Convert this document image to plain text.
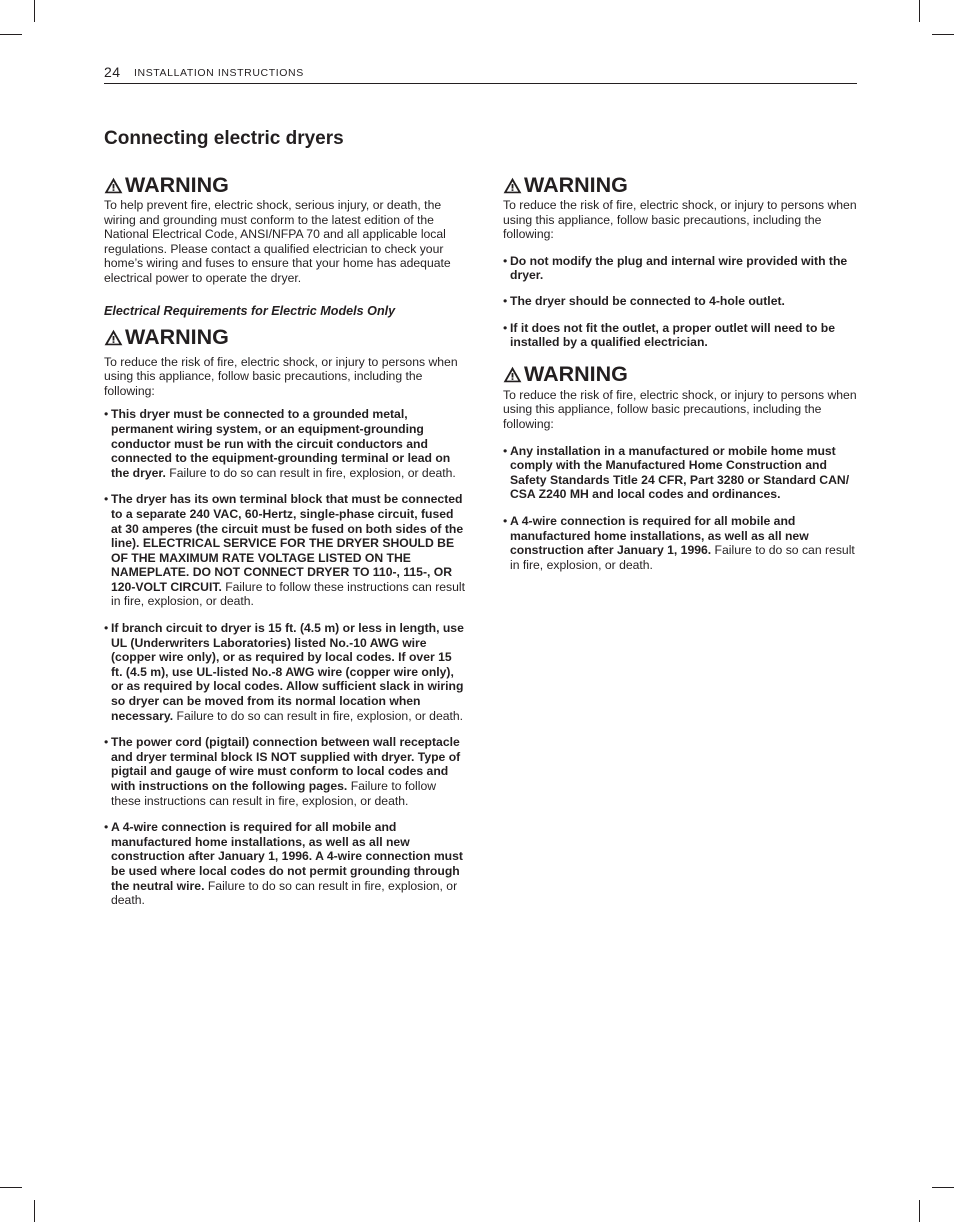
24 INSTALLATION INSTRUCTIONS
Connecting electric dryers
WARNING

To help prevent fire, electric shock, serious injury, or death, the wiring and grounding must conform to the latest edition of the National Electrical Code, ANSI/NFPA 70 and all applicable local regulations. Please contact a qualified electrician to check your home’s wiring and fuses to ensure that your home has adequate electrical power to operate the dryer.

Electrical Requirements for Electric Models Only

WARNING

To reduce the risk of fire, electric shock, or injury to persons when using this appliance, follow basic precautions, including the following:

• This dryer must be connected to a grounded metal, permanent wiring system, or an equipment-grounding conductor must be run with the circuit conductors and connected to the equipment-grounding terminal or lead on the dryer. Failure to do so can result in fire, explosion, or death.
• The dryer has its own terminal block that must be connected to a separate 240 VAC, 60-Hertz, single-phase circuit, fused at 30 amperes (the circuit must be fused on both sides of the line). ELECTRICAL SERVICE FOR THE DRYER SHOULD BE OF THE MAXIMUM RATE VOLTAGE LISTED ON THE NAMEPLATE. DO NOT CONNECT DRYER TO 110-, 115-, OR 120-VOLT CIRCUIT. Failure to follow these instructions can result in fire, explosion, or death.
• If branch circuit to dryer is 15 ft. (4.5 m) or less in length, use UL (Underwriters Laboratories) listed No.-10 AWG wire (copper wire only), or as required by local codes. If over 15 ft. (4.5 m), use UL-listed No.-8 AWG wire (copper wire only), or as required by local codes. Allow sufficient slack in wiring so dryer can be moved from its normal location when necessary. Failure to do so can result in fire, explosion, or death.
• The power cord (pigtail) connection between wall receptacle and dryer terminal block IS NOT supplied with dryer. Type of pigtail and gauge of wire must conform to local codes and with instructions on the following pages. Failure to follow these instructions can result in fire, explosion, or death.
• A 4-wire connection is required for all mobile and manufactured home installations, as well as all new construction after January 1, 1996. A 4-wire connection must be used where local codes do not permit grounding through the neutral wire. Failure to do so can result in fire, explosion, or death.
WARNING

To reduce the risk of fire, electric shock, or injury to persons when using this appliance, follow basic precautions, including the following:

• Do not modify the plug and internal wire provided with the dryer.
• The dryer should be connected to 4-hole outlet.
• If it does not fit the outlet, a proper outlet will need to be installed by a qualified electrician.
WARNING

To reduce the risk of fire, electric shock, or injury to persons when using this appliance, follow basic precautions, including the following:

• Any installation in a manufactured or mobile home must comply with the Manufactured Home Construction and Safety Standards Title 24 CFR, Part 3280 or Standard CAN/ CSA Z240 MH and local codes and ordinances.
• A 4-wire connection is required for all mobile and manufactured home installations, as well as all new construction after January 1, 1996. Failure to do so can result in fire, explosion, or death.
